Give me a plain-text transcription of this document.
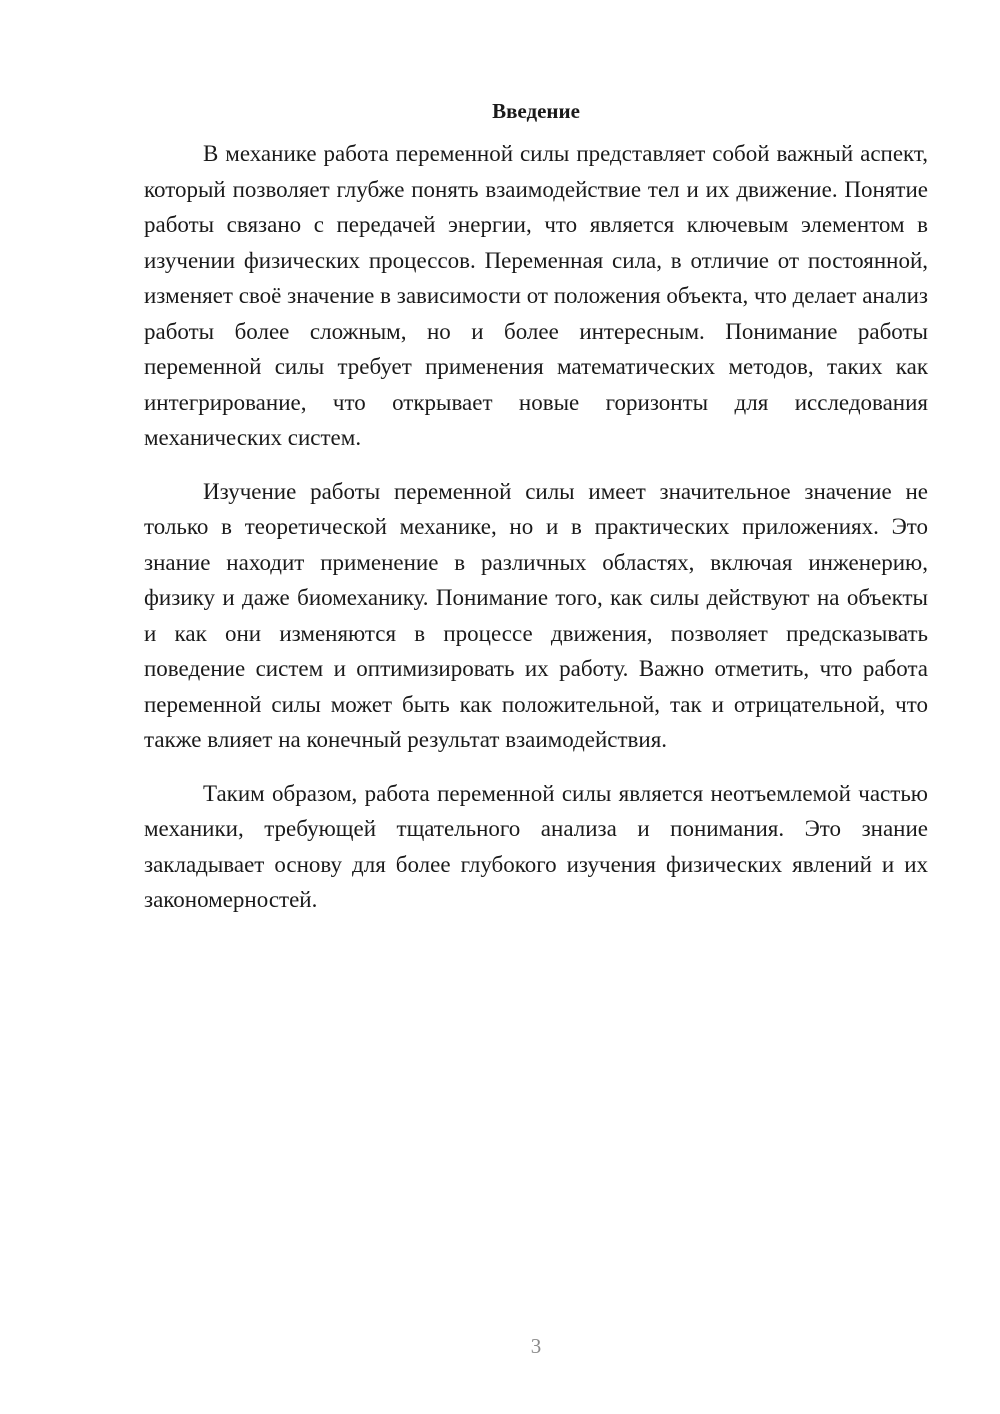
Введение

В механике работа переменной силы представляет собой важный аспект, который позволяет глубже понять взаимодействие тел и их движение. Понятие работы связано с передачей энергии, что является ключевым элементом в изучении физических процессов. Переменная сила, в отличие от постоянной, изменяет своё значение в зависимости от положения объекта, что делает анализ работы более сложным, но и более интересным. Понимание работы переменной силы требует применения математических методов, таких как интегрирование, что открывает новые горизонты для исследования механических систем.

Изучение работы переменной силы имеет значительное значение не только в теоретической механике, но и в практических приложениях. Это знание находит применение в различных областях, включая инженерию, физику и даже биомеханику. Понимание того, как силы действуют на объекты и как они изменяются в процессе движения, позволяет предсказывать поведение систем и оптимизировать их работу. Важно отметить, что работа переменной силы может быть как положительной, так и отрицательной, что также влияет на конечный результат взаимодействия.

Таким образом, работа переменной силы является неотъемлемой частью механики, требующей тщательного анализа и понимания. Это знание закладывает основу для более глубокого изучения физических явлений и их закономерностей.

3
